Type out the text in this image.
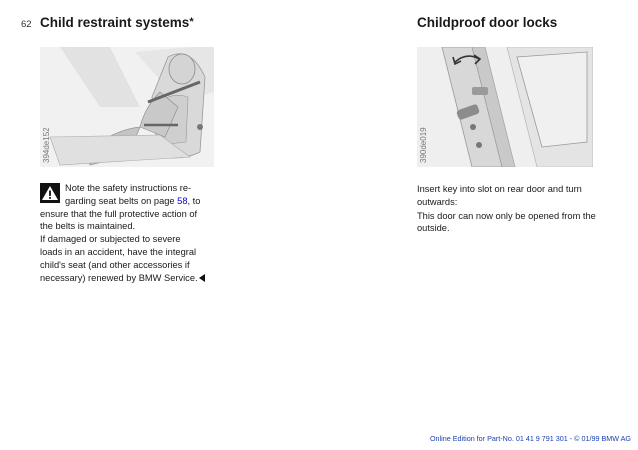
62 Child restraint systems*	Childproof door locks
394de152	390de019
Note the safety instructions re-
garding seat belts on page 58, to
ensure that the full protective action of
the belts is maintained.
If damaged or subjected to severe
loads in an accident, have the integral
child's seat (and other accessories if
necessary) renewed by BMW Service.

Insert key into slot on rear door and turn outwards:

This door can now only be opened from the outside.

Online Edition for Part-No. 01 41 9 791 301 - © 01/99 BMW AG
